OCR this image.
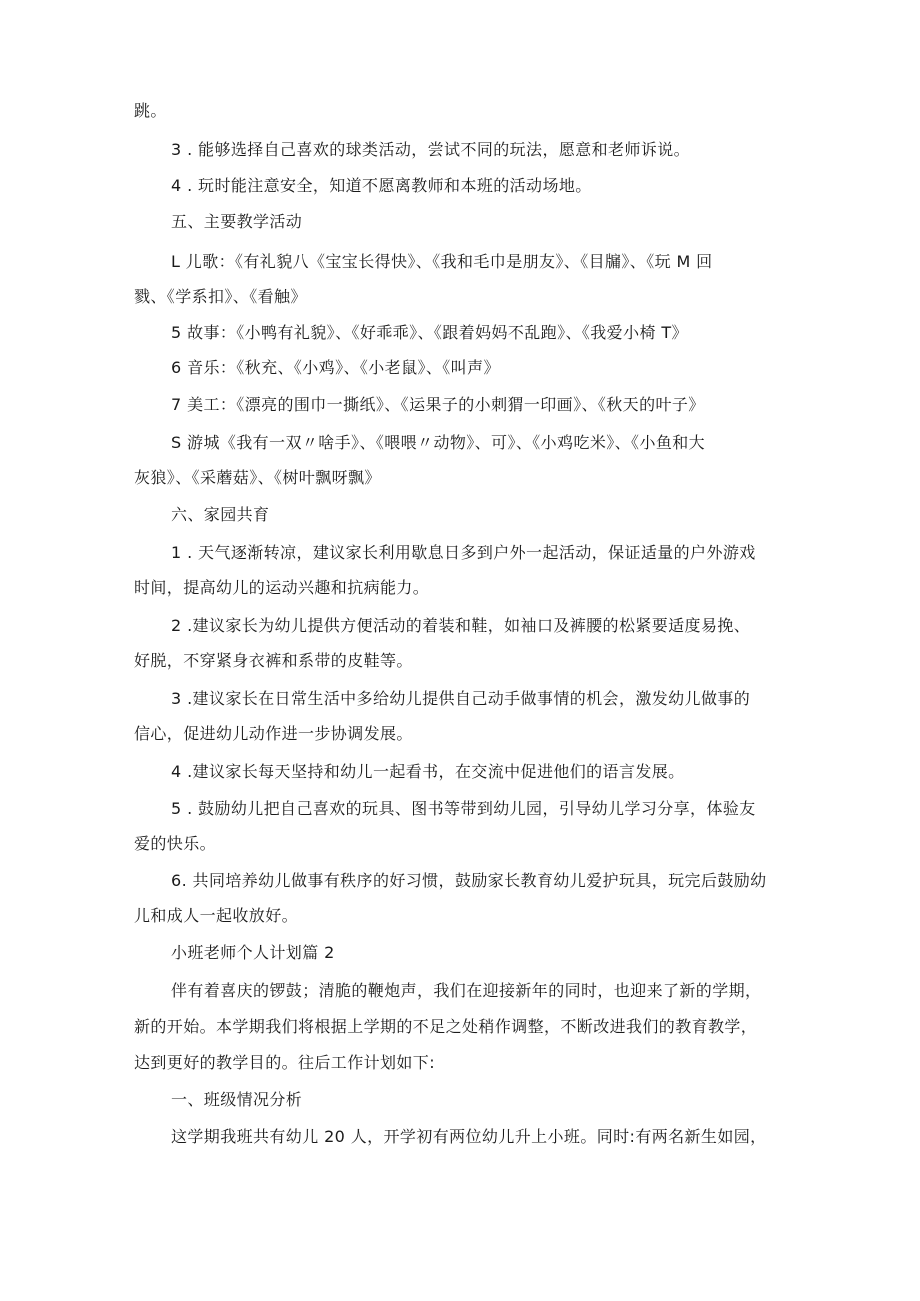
跳。
3 . 能够选择自己喜欢的球类活动，尝试不同的玩法，愿意和老师诉说。
4 . 玩时能注意安全，知道不愿离教师和本班的活动场地。
五、主要教学活动
L 儿歌：《有礼貌八《宝宝长得快》、《我和毛巾是朋友》、《目牖》、《玩 M 回
戮、《学系扣》、《看触》
5 故事：《小鸭有礼貌》、《好乖乖》、《跟着妈妈不乱跑》、《我爱小椅 T》
6 音乐：《秋充、《小鸡》、《小老鼠》、《叫声》
7 美工：《漂亮的围巾一撕纸》、《运果子的小刺猬一印画》、《秋天的叶子》
S 游城《我有一双〃啥手》、《喂喂〃动物》、可》、《小鸡吃米》、《小鱼和大
灰狼》、《采蘑菇》、《树叶飘呀飘》
六、家园共育
1 . 天气逐渐转凉，建议家长利用歇息日多到户外一起活动，保证适量的户外游戏
时间，提高幼儿的运动兴趣和抗病能力。
2 .建议家长为幼儿提供方便活动的着装和鞋，如袖口及裤腰的松紧要适度易挽、
好脱，不穿紧身衣裤和系带的皮鞋等。
3 .建议家长在日常生活中多给幼儿提供自己动手做事情的机会，激发幼儿做事的
信心，促进幼儿动作进一步协调发展。
4 .建议家长每天坚持和幼儿一起看书，在交流中促进他们的语言发展。
5 . 鼓励幼儿把自己喜欢的玩具、图书等带到幼儿园，引导幼儿学习分享，体验友
爱的快乐。
6. 共同培养幼儿做事有秩序的好习惯，鼓励家长教育幼儿爱护玩具，玩完后鼓励幼
儿和成人一起收放好。
小班老师个人计划篇 2
伴有着喜庆的锣鼓；清脆的鞭炮声，我们在迎接新年的同时，也迎来了新的学期，
新的开始。本学期我们将根据上学期的不足之处稍作调整，不断改进我们的教育教学，
达到更好的教学目的。往后工作计划如下:
一、班级情况分析
这学期我班共有幼儿 20 人，开学初有两位幼儿升上小班。同时:有两名新生如园，
